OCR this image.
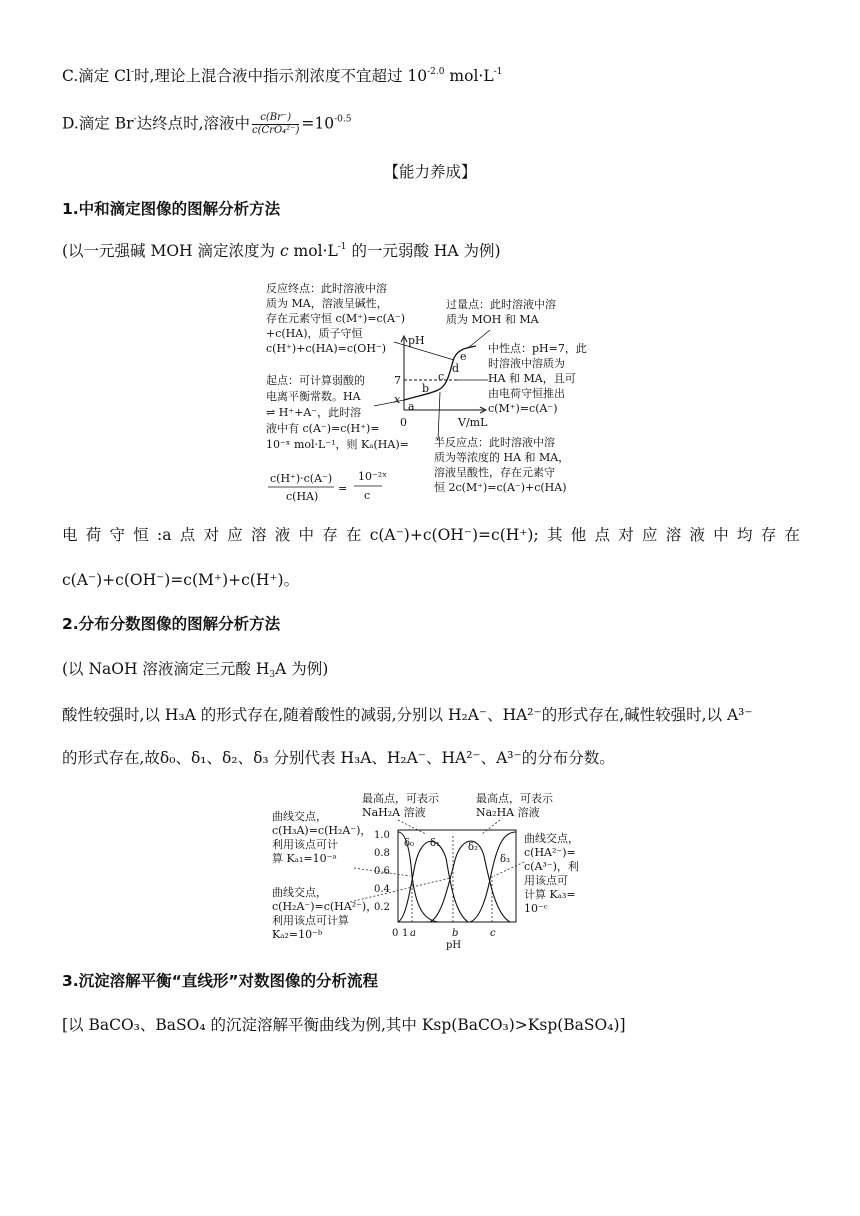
C.滴定 Cl-时,理论上混合液中指示剂浓度不宜超过 $10^{-2.0}$ $mol\cdot L^{-1}$
D.滴定 Br-达终点时,溶液中 $\frac{c(Br^-)}{\text{c(CrO₄²⁻)}} =10^{-0.5}$
【能力养成】
1.中和滴定图像的图解分析方法
(以一元强碱 MOH 滴定浓度为 c $mol\cdot L^{-1}$ 的一元弱酸 HA 为例)
反应终点：此时溶液中溶
质为 MA，溶液呈碱性，
存在元素守恒 c(M⁺)=c(A⁻)
+c(HA)，质子守恒
c(H⁺)+c(HA)=c(OH⁻)
过量点：此时溶液中溶
质为 MOH 和 MA
起点：可计算弱酸的
电离平衡常数。HA
⇌ H⁺+A⁻，此时溶
液中有 c(A⁻)=c(H⁺)=
10⁻ˣ mol·L⁻¹，则 Kₐ(HA)=
中性点：pH=7，此
时溶液中溶质为
HA 和 MA，且可
由电荷守恒推出
c(M⁺)=c(A⁻)
半反应点：此时溶液中溶
质为等浓度的 HA 和 MA，
溶液呈酸性，存在元素守
恒 2c(M⁺)=c(A⁻)+c(HA)
c(H⁺)·c(A⁻)
c(HA)
=
10⁻²ˣ
c
pH
V/mL
0
7
x
a
b
c
d
e
电 荷 守 恒 :a 点 对 应 溶 液 中 存 在 c(A⁻)+c(OH⁻)=c(H⁺); 其 他 点 对 应 溶 液 中 均 存 在
c(A⁻)+c(OH⁻)=c(M⁺)+c(H⁺)。
2.分布分数图像的图解分析方法
(以 NaOH 溶液滴定三元酸 $H_3A$ 为例)
酸性较强时,以 H₃A 的形式存在,随着酸性的减弱,分别以 H₂A⁻、HA²⁻的形式存在,碱性较强时,以 A³⁻
的形式存在,故δ₀、δ₁、δ₂、δ₃ 分别代表 H₃A、H₂A⁻、HA²⁻、A³⁻的分布分数。
最高点，可表示
NaH₂A 溶液
最高点，可表示
Na₂HA 溶液
曲线交点，
c(H₃A)=c(H₂A⁻)，
利用该点可计
算 Kₐ₁=10⁻ᵃ
曲线交点，
c(H₂A⁻)=c(HA²⁻)，
利用该点可计算
Kₐ₂=10⁻ᵇ
曲线交点，
c(HA²⁻)=
c(A³⁻)，利
用该点可
计算 Kₐ₃=
10⁻ᶜ
1.0
0.8
0.6
0.4
0.2
0 1 a	b	c
pH
δ₀ δ₁	δ₂
δ₃
3.沉淀溶解平衡“直线形”对数图像的分析流程
[以 BaCO₃、BaSO₄ 的沉淀溶解平衡曲线为例,其中 Ksp(BaCO₃)>Ksp(BaSO₄)]
